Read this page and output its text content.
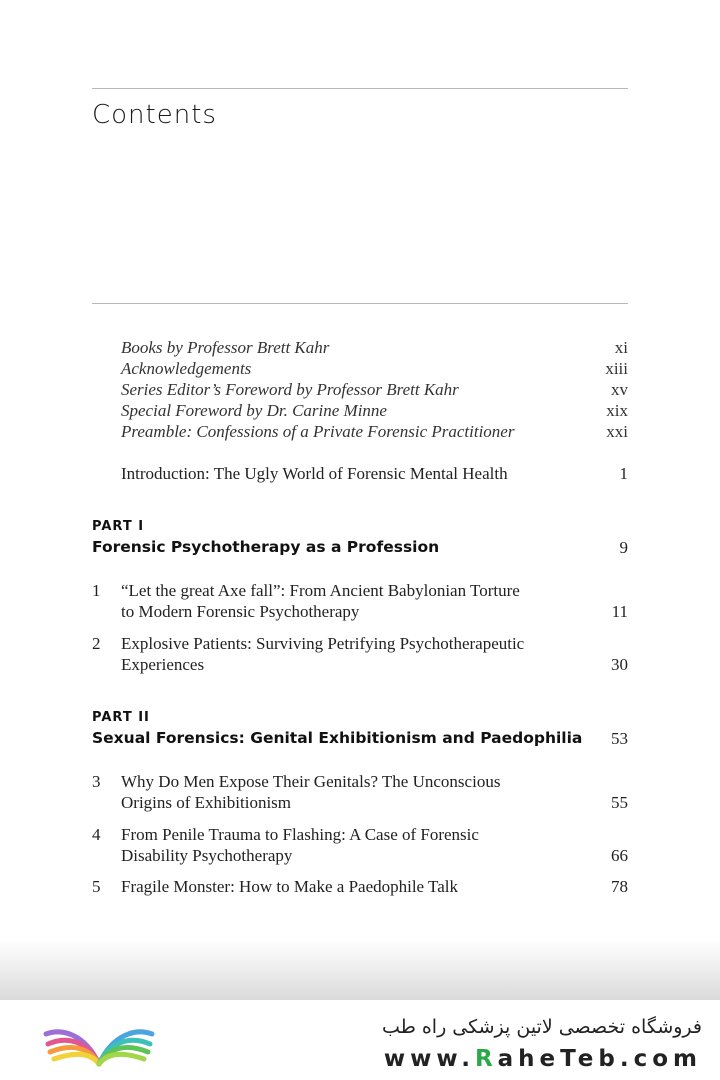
Contents
Books by Professor Brett Kahr	xi
Acknowledgements	xiii
Series Editor’s Foreword by Professor Brett Kahr	xv
Special Foreword by Dr. Carine Minne	xix
Preamble: Confessions of a Private Forensic Practitioner	xxi
Introduction: The Ugly World of Forensic Mental Health	1
PART I
Forensic Psychotherapy as a Profession	9
1 “Let the great Axe fall”: From Ancient Babylonian Torture
to Modern Forensic Psychotherapy	11
2 Explosive Patients: Surviving Petrifying Psychotherapeutic
Experiences	30
PART II
Sexual Forensics: Genital Exhibitionism and Paedophilia 53
3 Why Do Men Expose Their Genitals? The Unconscious
Origins of Exhibitionism	55
4 From Penile Trauma to Flashing: A Case of Forensic
Disability Psychotherapy	66
5 Fragile Monster: How to Make a Paedophile Talk	78
فروشگاه تخصصی لاتین پزشکی راه طب
www.RaheTeb.com
